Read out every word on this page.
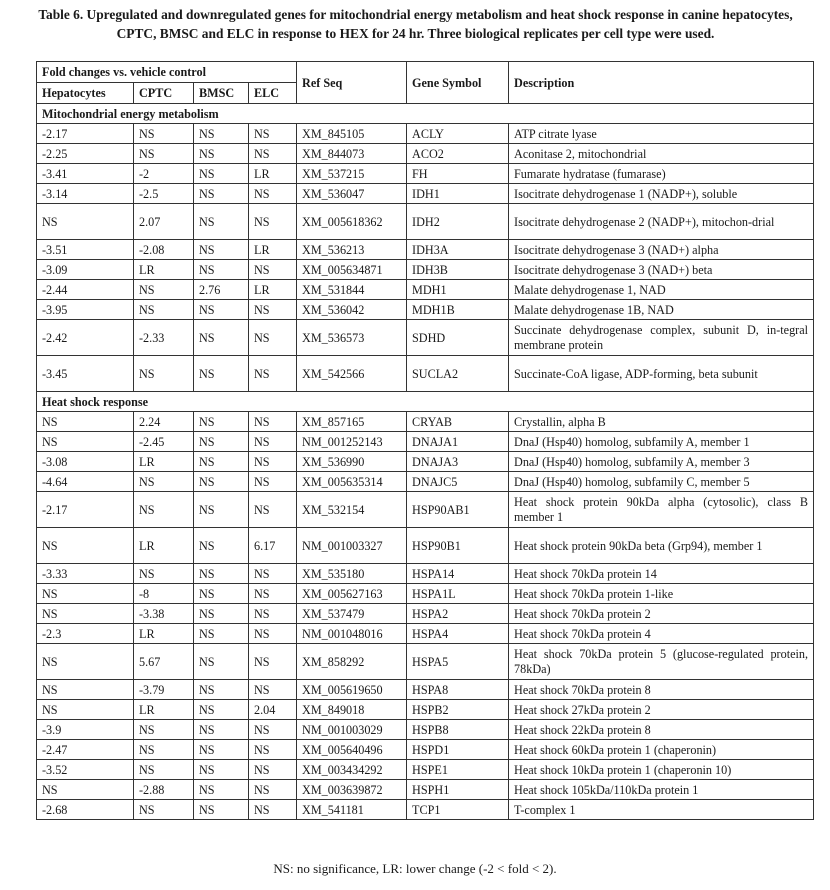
Table 6. Upregulated and downregulated genes for mitochondrial energy metabolism and heat shock response in canine hepatocytes, CPTC, BMSC and ELC in response to HEX for 24 hr. Three biological replicates per cell type were used.
Fold changes vs. vehicle control				Ref Seq	Gene Symbol	Description
Hepatocytes	CPTC	BMSC	ELC			
Mitochondrial energy metabolism						
-2.17	NS	NS	NS	XM_845105	ACLY	ATP citrate lyase
-2.25	NS	NS	NS	XM_844073	ACO2	Aconitase 2, mitochondrial
-3.41	-2	NS	LR	XM_537215	FH	Fumarate hydratase (fumarase)
-3.14	-2.5	NS	NS	XM_536047	IDH1	Isocitrate dehydrogenase 1 (NADP+), soluble
NS	2.07	NS	NS	XM_005618362	IDH2	Isocitrate dehydrogenase 2 (NADP+), mitochon-drial
-3.51	-2.08	NS	LR	XM_536213	IDH3A	Isocitrate dehydrogenase 3 (NAD+) alpha
-3.09	LR	NS	NS	XM_005634871	IDH3B	Isocitrate dehydrogenase 3 (NAD+) beta
-2.44	NS	2.76	LR	XM_531844	MDH1	Malate dehydrogenase 1, NAD
-3.95	NS	NS	NS	XM_536042	MDH1B	Malate dehydrogenase 1B, NAD
-2.42	-2.33	NS	NS	XM_536573	SDHD	Succinate dehydrogenase complex, subunit D, in-tegral membrane protein
-3.45	NS	NS	NS	XM_542566	SUCLA2	Succinate-CoA ligase, ADP-forming, beta subunit
Heat shock response						
NS	2.24	NS	NS	XM_857165	CRYAB	Crystallin, alpha B
NS	-2.45	NS	NS	NM_001252143	DNAJA1	DnaJ (Hsp40) homolog, subfamily A, member 1
-3.08	LR	NS	NS	XM_536990	DNAJA3	DnaJ (Hsp40) homolog, subfamily A, member 3
-4.64	NS	NS	NS	XM_005635314	DNAJC5	DnaJ (Hsp40) homolog, subfamily C, member 5
-2.17	NS	NS	NS	XM_532154	HSP90AB1	Heat shock protein 90kDa alpha (cytosolic), class B member 1
NS	LR	NS	6.17	NM_001003327	HSP90B1	Heat shock protein 90kDa beta (Grp94), member 1
-3.33	NS	NS	NS	XM_535180	HSPA14	Heat shock 70kDa protein 14
NS	-8	NS	NS	XM_005627163	HSPA1L	Heat shock 70kDa protein 1-like
NS	-3.38	NS	NS	XM_537479	HSPA2	Heat shock 70kDa protein 2
-2.3	LR	NS	NS	NM_001048016	HSPA4	Heat shock 70kDa protein 4
NS	5.67	NS	NS	XM_858292	HSPA5	Heat shock 70kDa protein 5 (glucose-regulated protein, 78kDa)
NS	-3.79	NS	NS	XM_005619650	HSPA8	Heat shock 70kDa protein 8
NS	LR	NS	2.04	XM_849018	HSPB2	Heat shock 27kDa protein 2
-3.9	NS	NS	NS	NM_001003029	HSPB8	Heat shock 22kDa protein 8
-2.47	NS	NS	NS	XM_005640496	HSPD1	Heat shock 60kDa protein 1 (chaperonin)
-3.52	NS	NS	NS	XM_003434292	HSPE1	Heat shock 10kDa protein 1 (chaperonin 10)
NS	-2.88	NS	NS	XM_003639872	HSPH1	Heat shock 105kDa/110kDa protein 1
-2.68	NS	NS	NS	XM_541181	TCP1	T-complex 1
NS: no significance, LR: lower change (-2 < fold < 2).
